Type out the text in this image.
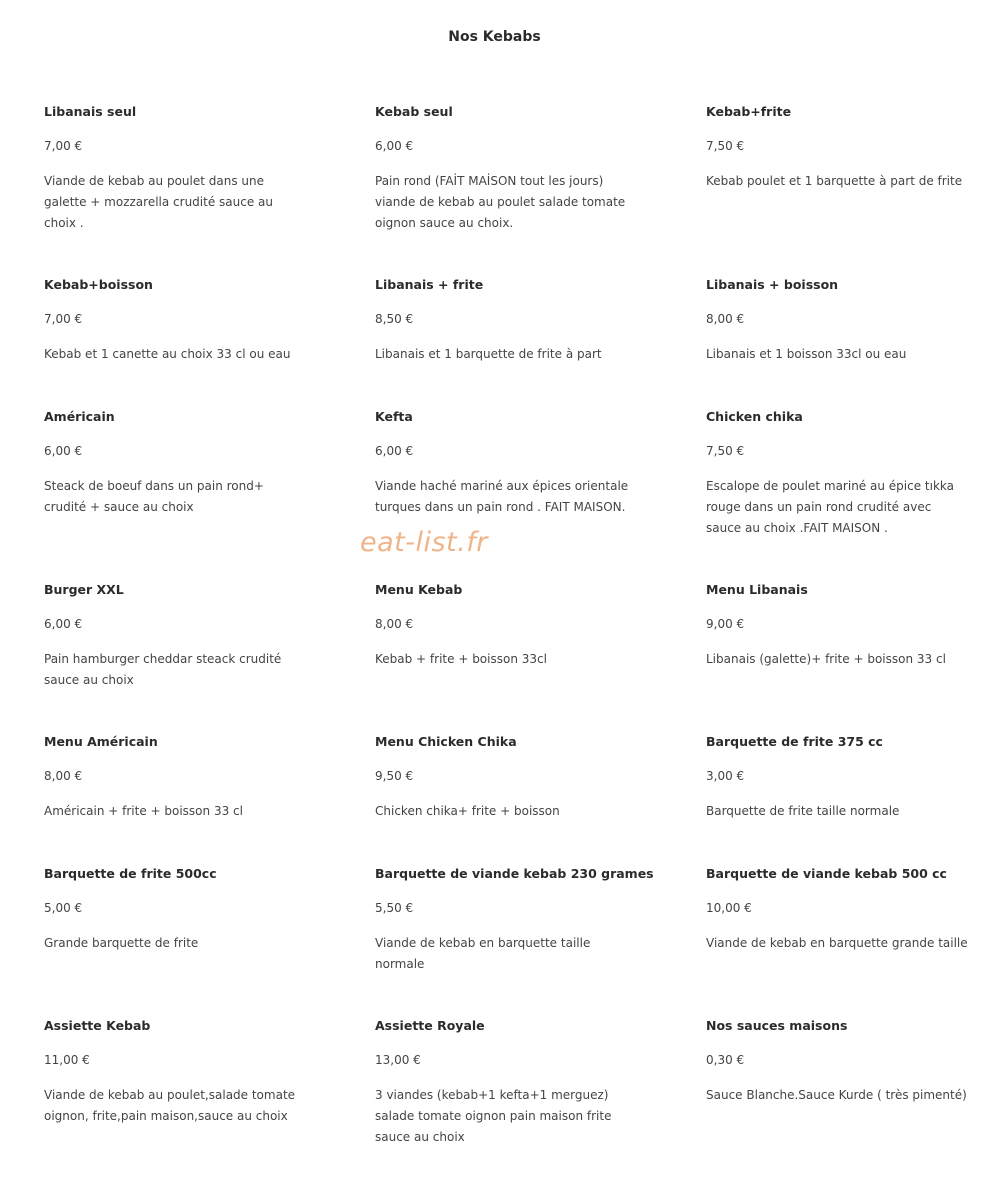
Nos Kebabs
Libanais seul
7,00 €
Viande de kebab au poulet dans une galette + mozzarella crudité sauce au choix .
Kebab seul
6,00 €
Pain rond (FAİT MAİSON tout les jours) viande de kebab au poulet salade tomate oignon sauce au choix.
Kebab+frite
7,50 €
Kebab poulet et 1 barquette à part de frite
Kebab+boisson
7,00 €
Kebab et 1 canette au choix 33 cl ou eau
Libanais + frite
8,50 €
Libanais et 1 barquette de frite à part
Libanais + boisson
8,00 €
Libanais et 1 boisson 33cl ou eau
Américain
6,00 €
Steack de boeuf dans un pain rond+ crudité + sauce au choix
Kefta
6,00 €
Viande haché mariné aux épices orientale turques dans un pain rond . FAIT MAISON.
Chicken chika
7,50 €
Escalope de poulet mariné au épice tıkka rouge dans un pain rond crudité avec sauce au choix .FAIT MAISON .
Burger XXL
6,00 €
Pain hamburger cheddar steack crudité sauce au choix
Menu Kebab
8,00 €
Kebab + frite + boisson 33cl
Menu Libanais
9,00 €
Libanais (galette)+ frite + boisson 33 cl
Menu Américain
8,00 €
Américain + frite + boisson 33 cl
Menu Chicken Chika
9,50 €
Chicken chika+ frite + boisson
Barquette de frite 375 cc
3,00 €
Barquette de frite taille normale
Barquette de frite 500cc
5,00 €
Grande barquette de frite
Barquette de viande kebab 230 grames
5,50 €
Viande de kebab en barquette taille normale
Barquette de viande kebab 500 cc
10,00 €
Viande de kebab en barquette grande taille
Assiette Kebab
11,00 €
Viande de kebab au poulet,salade tomate oignon, frite,pain maison,sauce au choix
Assiette Royale
13,00 €
3 viandes (kebab+1 kefta+1 merguez) salade tomate oignon pain maison frite sauce au choix
Nos sauces maisons
0,30 €
Sauce Blanche.Sauce Kurde ( très pimenté)
eat-list.fr
